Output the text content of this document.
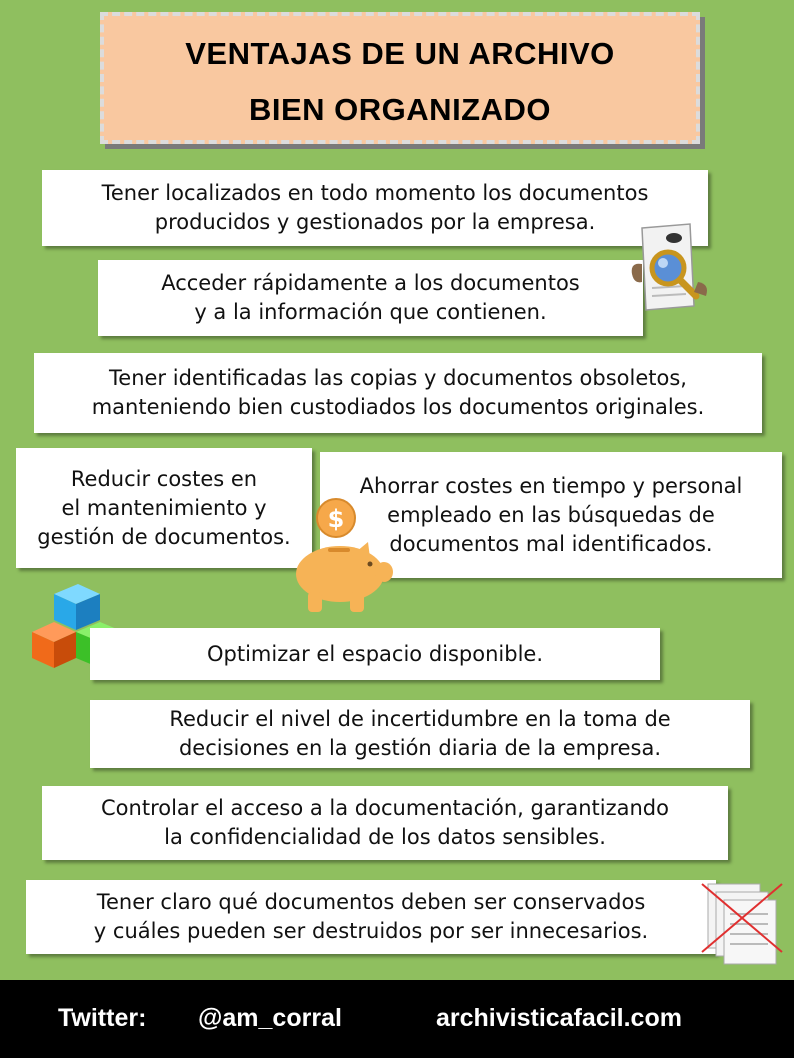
VENTAJAS DE UN ARCHIVO
BIEN ORGANIZADO
Tener localizados en todo momento los documentos
producidos y gestionados por la empresa.
Acceder rápidamente a los documentos
y a la información que contienen.
Tener identificadas las copias y documentos obsoletos,
manteniendo bien custodiados los documentos originales.
Reducir costes en
el mantenimiento y
gestión de documentos.
Ahorrar costes en tiempo y personal
empleado en las búsquedas de
documentos mal identificados.
$
Optimizar el espacio disponible.
Reducir el nivel de incertidumbre en la toma de
decisiones en la gestión diaria de la empresa.
Controlar el acceso a la documentación, garantizando
la confidencialidad de los datos sensibles.
Tener claro qué documentos deben ser conservados
y cuáles pueden ser destruidos por ser innecesarios.
Twitter: @am_corral	archivisticafacil.com
